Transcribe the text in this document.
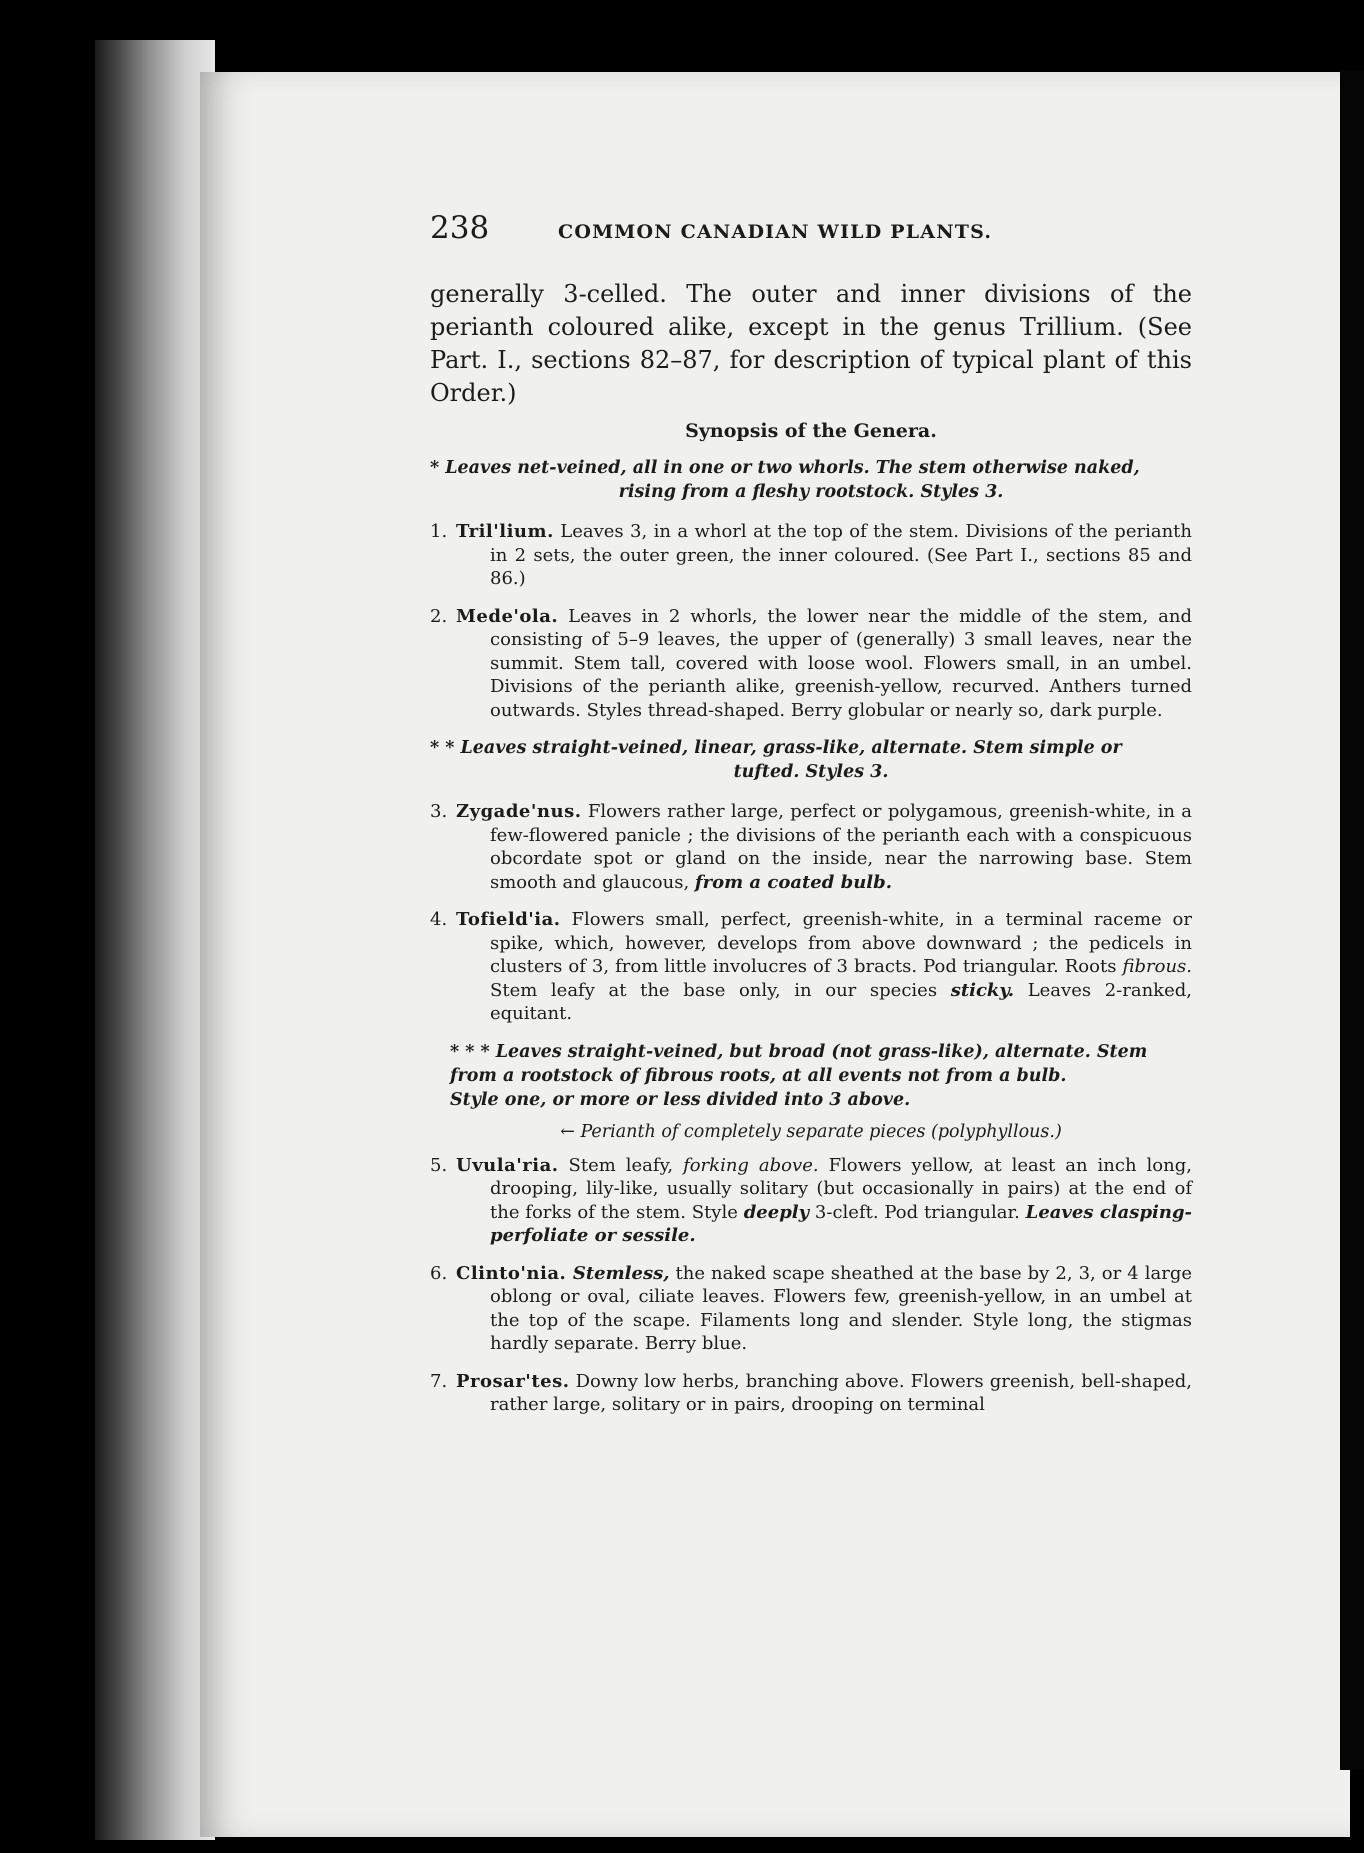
238	COMMON CANADIAN WILD PLANTS.

generally 3-celled. The outer and inner divisions of the perianth coloured alike, except in the genus Trillium. (See Part. I., sections 82–87, for description of typical plant of this Order.)

Synopsis of the Genera.
* Leaves net-veined, all in one or two whorls. The stem otherwise naked,
rising from a fleshy rootstock. Styles 3.

1. Tril'lium. Leaves 3, in a whorl at the top of the stem. Divisions of the perianth in 2 sets, the outer green, the inner coloured. (See Part I., sections 85 and 86.)

2. Mede'ola. Leaves in 2 whorls, the lower near the middle of the stem, and consisting of 5–9 leaves, the upper of (generally) 3 small leaves, near the summit. Stem tall, covered with loose wool. Flowers small, in an umbel. Divisions of the perianth alike, greenish-yellow, recurved. Anthers turned outwards. Styles thread-shaped. Berry globular or nearly so, dark purple.

* * Leaves straight-veined, linear, grass-like, alternate. Stem simple or
tufted. Styles 3.

3. Zygade'nus. Flowers rather large, perfect or polygamous, greenish-white, in a few-flowered panicle ; the divisions of the perianth each with a conspicuous obcordate spot or gland on the inside, near the narrowing base. Stem smooth and glaucous, from a coated bulb.

4. Tofield'ia. Flowers small, perfect, greenish-white, in a terminal raceme or spike, which, however, develops from above downward ; the pedicels in clusters of 3, from little involucres of 3 bracts. Pod triangular. Roots fibrous. Stem leafy at the base only, in our species sticky. Leaves 2-ranked, equitant.

* * * Leaves straight-veined, but broad (not grass-like), alternate. Stem
from a rootstock of fibrous roots, at all events not from a bulb.
Style one, or more or less divided into 3 above.
← Perianth of completely separate pieces (polyphyllous.)

5. Uvula'ria. Stem leafy, forking above. Flowers yellow, at least an inch long, drooping, lily-like, usually solitary (but occasionally in pairs) at the end of the forks of the stem. Style deeply 3-cleft. Pod triangular. Leaves clasping-perfoliate or sessile.

6. Clinto'nia. Stemless, the naked scape sheathed at the base by 2, 3, or 4 large oblong or oval, ciliate leaves. Flowers few, greenish-yellow, in an umbel at the top of the scape. Filaments long and slender. Style long, the stigmas hardly separate. Berry blue.

7. Prosar'tes. Downy low herbs, branching above. Flowers greenish, bell-shaped, rather large, solitary or in pairs, drooping on terminal
